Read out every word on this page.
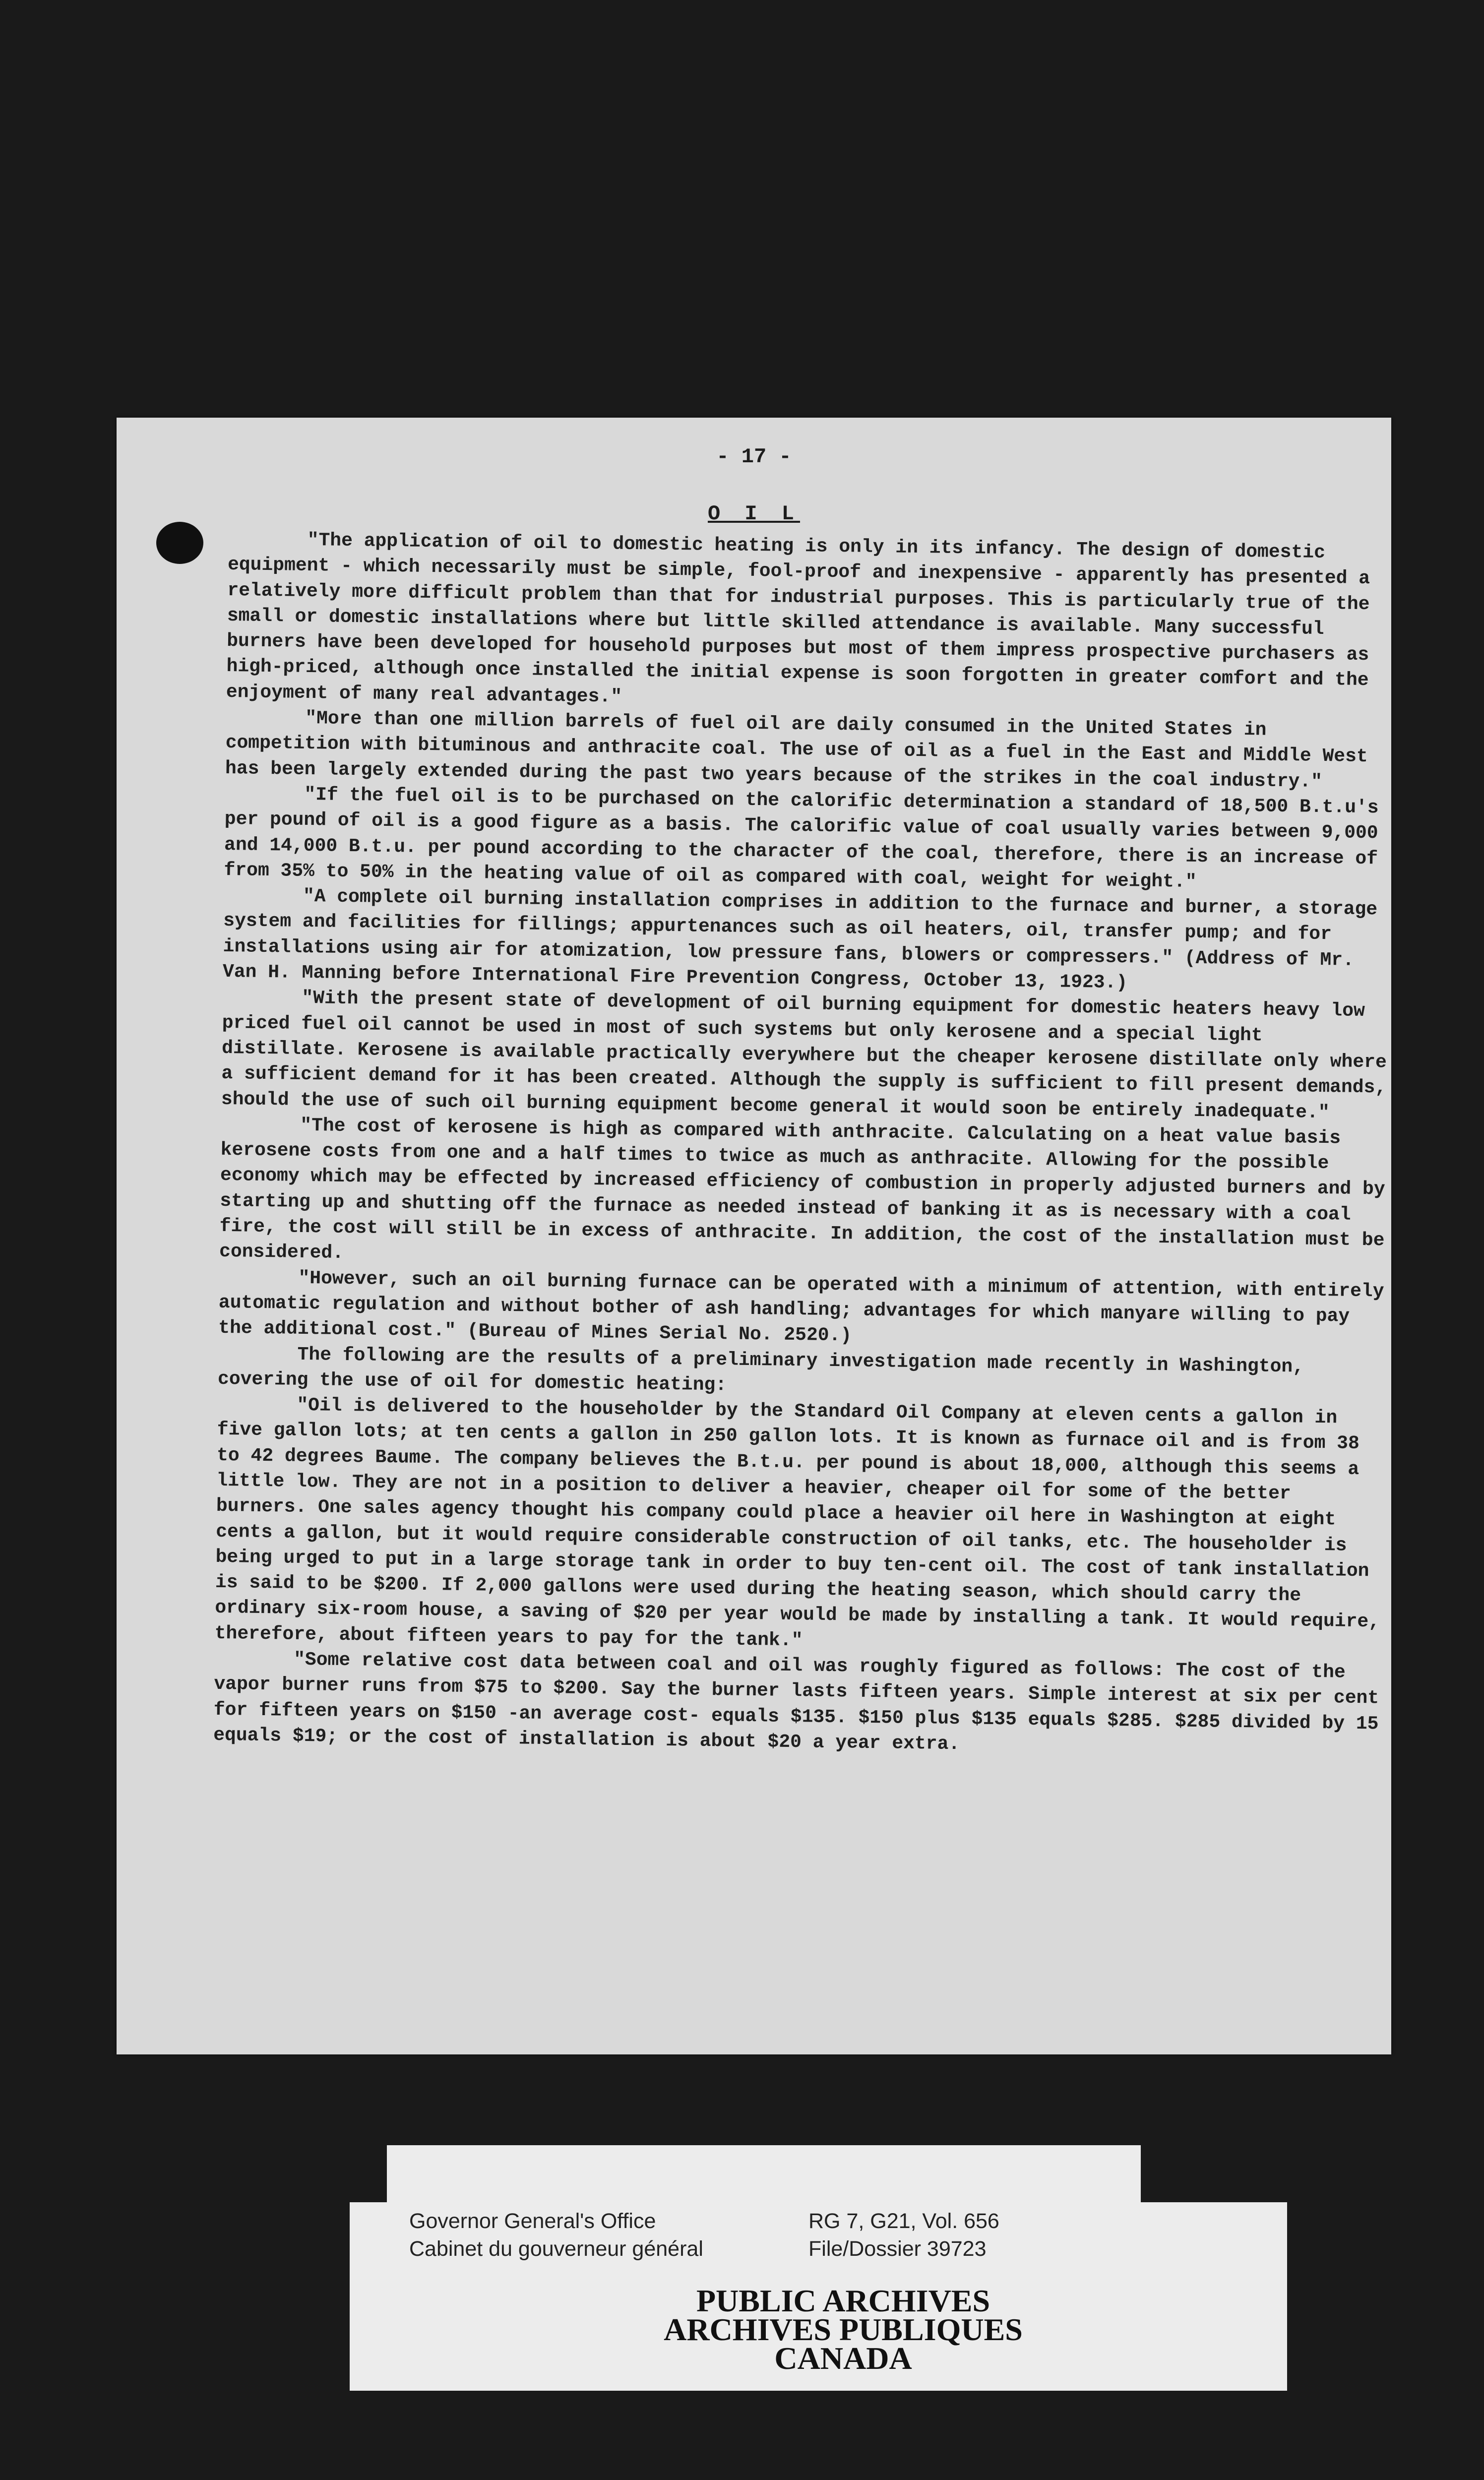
- 17 -
O I L

"The application of oil to domestic heating is only in its infancy. The design of domestic equipment - which necessarily must be simple, fool-proof and inexpensive - apparently has presented a relatively more difficult problem than that for industrial purposes. This is particularly true of the small or domestic installations where but little skilled attendance is available. Many successful burners have been developed for household purposes but most of them impress prospective purchasers as high-priced, although once installed the initial expense is soon forgotten in greater comfort and the enjoyment of many real advantages."

"More than one million barrels of fuel oil are daily consumed in the United States in competition with bituminous and anthracite coal. The use of oil as a fuel in the East and Middle West has been largely extended during the past two years because of the strikes in the coal industry."

"If the fuel oil is to be purchased on the calorific determination a standard of 18,500 B.t.u's per pound of oil is a good figure as a basis. The calorific value of coal usually varies between 9,000 and 14,000 B.t.u. per pound according to the character of the coal, therefore, there is an increase of from 35% to 50% in the heating value of oil as compared with coal, weight for weight."

"A complete oil burning installation comprises in addition to the furnace and burner, a storage system and facilities for fillings; appurtenances such as oil heaters, oil, transfer pump; and for installations using air for atomization, low pressure fans, blowers or compressers." (Address of Mr. Van H. Manning before International Fire Prevention Congress, October 13, 1923.)

"With the present state of development of oil burning equipment for domestic heaters heavy low priced fuel oil cannot be used in most of such systems but only kerosene and a special light distillate. Kerosene is available practically everywhere but the cheaper kerosene distillate only where a sufficient demand for it has been created. Although the supply is sufficient to fill present demands, should the use of such oil burning equipment become general it would soon be entirely inadequate."

"The cost of kerosene is high as compared with anthracite. Calculating on a heat value basis kerosene costs from one and a half times to twice as much as anthracite. Allowing for the possible economy which may be effected by increased efficiency of combustion in properly adjusted burners and by starting up and shutting off the furnace as needed instead of banking it as is necessary with a coal fire, the cost will still be in excess of anthracite. In addition, the cost of the installation must be considered.

"However, such an oil burning furnace can be operated with a minimum of attention, with entirely automatic regulation and without bother of ash handling; advantages for which manyare willing to pay the additional cost." (Bureau of Mines Serial No. 2520.)

The following are the results of a preliminary investigation made recently in Washington, covering the use of oil for domestic heating:

"Oil is delivered to the householder by the Standard Oil Company at eleven cents a gallon in five gallon lots; at ten cents a gallon in 250 gallon lots. It is known as furnace oil and is from 38 to 42 degrees Baume. The company believes the B.t.u. per pound is about 18,000, although this seems a little low. They are not in a position to deliver a heavier, cheaper oil for some of the better burners. One sales agency thought his company could place a heavier oil here in Washington at eight cents a gallon, but it would require considerable construction of oil tanks, etc. The householder is being urged to put in a large storage tank in order to buy ten-cent oil. The cost of tank installation is said to be $200. If 2,000 gallons were used during the heating season, which should carry the ordinary six-room house, a saving of $20 per year would be made by installing a tank. It would require, therefore, about fifteen years to pay for the tank."

"Some relative cost data between coal and oil was roughly figured as follows: The cost of the vapor burner runs from $75 to $200. Say the burner lasts fifteen years. Simple interest at six per cent for fifteen years on $150 -an average cost- equals $135. $150 plus $135 equals $285. $285 divided by 15 equals $19; or the cost of installation is about $20 a year extra.

Governor General's Office
Cabinet du gouverneur général
RG 7, G21, Vol. 656
File/Dossier 39723
PUBLIC ARCHIVES
ARCHIVES PUBLIQUES
CANADA
